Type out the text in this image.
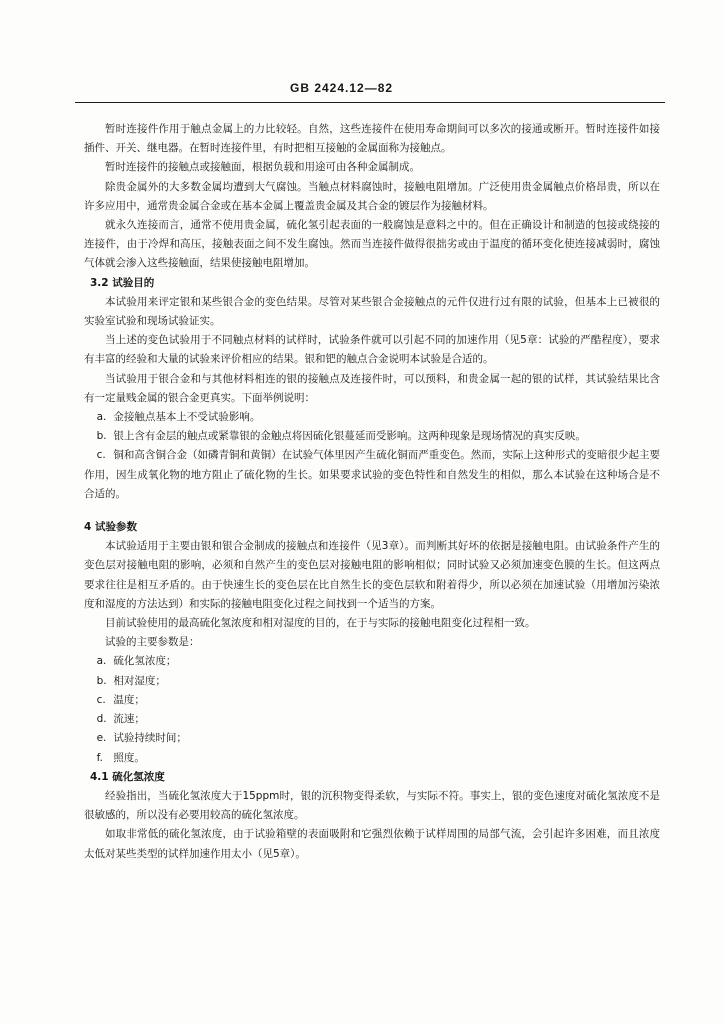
GB 2424.12—82

暂时连接件作用于触点金属上的力比较轻。自然，这些连接件在使用寿命期间可以多次的接通或断开。暂时连接件如接插件、开关、继电器。在暂时连接件里，有时把相互接触的金属面称为接触点。

暂时连接件的接触点或接触面，根据负载和用途可由各种金属制成。

除贵金属外的大多数金属均遭到大气腐蚀。当触点材料腐蚀时，接触电阻增加。广泛使用贵金属触点价格昂贵，所以在许多应用中，通常贵金属合金或在基本金属上覆盖贵金属及其合金的镀层作为接触材料。

就永久连接而言，通常不使用贵金属，硫化氢引起表面的一般腐蚀是意料之中的。但在正确设计和制造的包接或绕接的连接件，由于冷焊和高压，接触表面之间不发生腐蚀。然而当连接件做得很拙劣或由于温度的循环变化使连接减弱时，腐蚀气体就会渗入这些接触面，结果使接触电阻增加。

3.2 试验目的

本试验用来评定银和某些银合金的变色结果。尽管对某些银合金接触点的元件仅进行过有限的试验，但基本上已被很的实验室试验和现场试验证实。

当上述的变色试验用于不同触点材料的试样时，试验条件就可以引起不同的加速作用（见5章：试验的严酷程度），要求有丰富的经验和大量的试验来评价相应的结果。银和钯的触点合金说明本试验是合适的。

当试验用于银合金和与其他材料相连的银的接触点及连接件时，可以预料，和贵金属一起的银的试样，其试验结果比含有一定量贱金属的银合金更真实。下面举例说明：

a. 金接触点基本上不受试验影响。

b. 银上含有金层的触点或紧靠银的金触点将因硫化银蔓延而受影响。这两种现象是现场情况的真实反映。

c. 铜和高含铜合金（如磷青铜和黄铜）在试验气体里因产生硫化铜而严重变色。然而，实际上这种形式的变暗很少起主要作用，因生成氧化物的地方阻止了硫化物的生长。如果要求试验的变色特性和自然发生的相似，那么本试验在这种场合是不合适的。

4 试验参数

本试验适用于主要由银和银合金制成的接触点和连接件（见3章）。而判断其好坏的依据是接触电阻。由试验条件产生的变色层对接触电阻的影响，必须和自然产生的变色层对接触电阻的影响相似；同时试验又必须加速变色膜的生长。但这两点要求往往是相互矛盾的。由于快速生长的变色层在比自然生长的变色层软和附着得少，所以必须在加速试验（用增加污染浓度和湿度的方法达到）和实际的接触电阻变化过程之间找到一个适当的方案。

目前试验使用的最高硫化氢浓度和相对湿度的目的，在于与实际的接触电阻变化过程相一致。

试验的主要参数是：

a. 硫化氢浓度；

b. 相对湿度；

c. 温度；

d. 流速；

e. 试验持续时间；

f. 照度。

4.1 硫化氢浓度

经验指出，当硫化氢浓度大于15ppm时，银的沉积物变得柔软，与实际不符。事实上，银的变色速度对硫化氢浓度不是很敏感的，所以没有必要用较高的硫化氢浓度。

如取非常低的硫化氢浓度，由于试验箱壁的表面吸附和它强烈依赖于试样周围的局部气流，会引起许多困难，而且浓度太低对某些类型的试样加速作用太小（见5章）。
